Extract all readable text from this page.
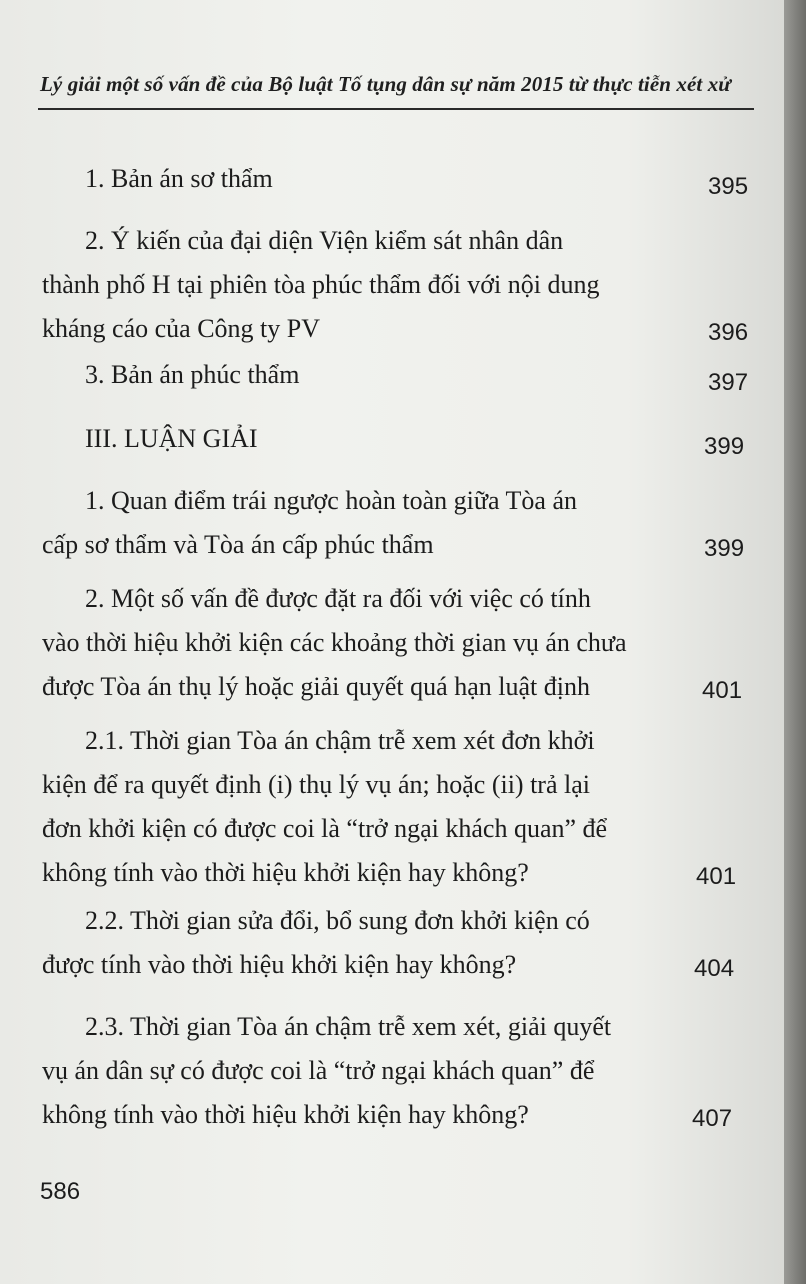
Lý giải một số vấn đề của Bộ luật Tố tụng dân sự năm 2015 từ thực tiễn xét xử
1. Bản án sơ thẩm	395
2. Ý kiến của đại diện Viện kiểm sát nhân dân
thành phố H tại phiên tòa phúc thẩm đối với nội dung
kháng cáo của Công ty PV	396
3. Bản án phúc thẩm	397
III. LUẬN GIẢI	399
1. Quan điểm trái ngược hoàn toàn giữa Tòa án
cấp sơ thẩm và Tòa án cấp phúc thẩm	399
2. Một số vấn đề được đặt ra đối với việc có tính
vào thời hiệu khởi kiện các khoảng thời gian vụ án chưa
được Tòa án thụ lý hoặc giải quyết quá hạn luật định	401
2.1. Thời gian Tòa án chậm trễ xem xét đơn khởi
kiện để ra quyết định (i) thụ lý vụ án; hoặc (ii) trả lại
đơn khởi kiện có được coi là “trở ngại khách quan” để
không tính vào thời hiệu khởi kiện hay không?	401
2.2. Thời gian sửa đổi, bổ sung đơn khởi kiện có
được tính vào thời hiệu khởi kiện hay không?	404
2.3. Thời gian Tòa án chậm trễ xem xét, giải quyết
vụ án dân sự có được coi là “trở ngại khách quan” để
không tính vào thời hiệu khởi kiện hay không?	407
586
